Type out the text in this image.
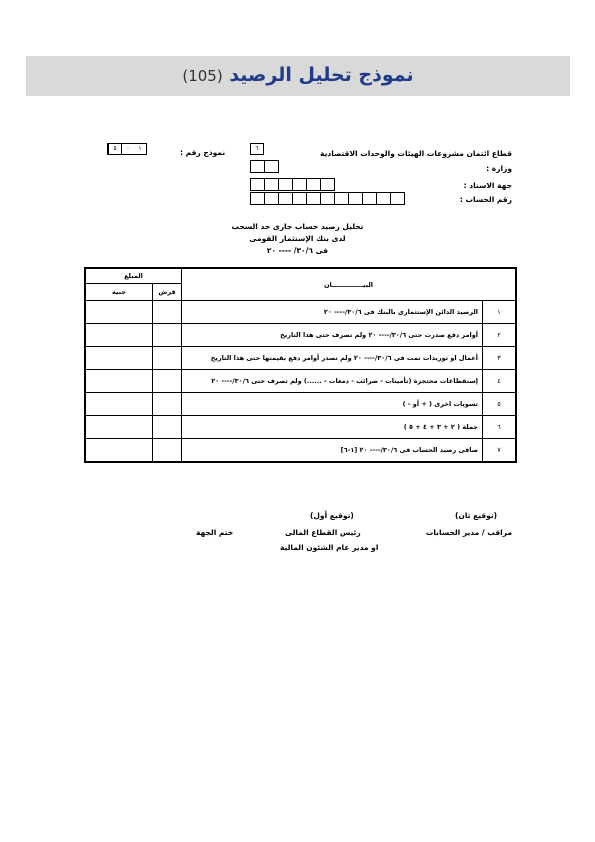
نموذج تحليل الرصيد (105)
قطاع ائتمان مشروعات الهيئات والوحدات الاقتصادية
٦
وزارة :
جهة الاسناد :
رقم الحساب :
نموذج رقم :
١
٠
٥
تحليل رصيد حساب جارى حد السحب
لدى بنك الإستثمار القومى
فى ٣٠/٦/ ---- ٢٠
البيــــــــــــــان		المبلغ	
		قرش	جنيه
١	الرصيد الدائن الإستثمارى بالبنك فى ٣٠/٦/---- ٢٠		
٢	أوامر دفع صدرت حتى ٣٠/٦/---- ٢٠ ولم تصرف حتى هذا التاريخ		
٣	أعمال او توريدات تمت فى ٣٠/٦/---- ٢٠ ولم تصدر أوامر دفع بقيمتها حتى هذا التاريخ		
٤	إستقطاعات محتجزة (تأمينات - ضرائب - دمغات - ......) ولم تصرف حتى ٣٠/٦/---- ٢٠		
٥	تسويات اخرى ( + أو - )		
٦	جملة ( ٢ + ٣ + ٤ + ٥ )		
٧	صافى رصيد الحساب فى ٣٠/٦/---- ٢٠ [١-٦]		
(توقيع ثان)
مراقب / مدير الحسابات
(توقيع أول)
رئيس القطاع المالى
او مدير عام الشئون المالية
ختم الجهة
